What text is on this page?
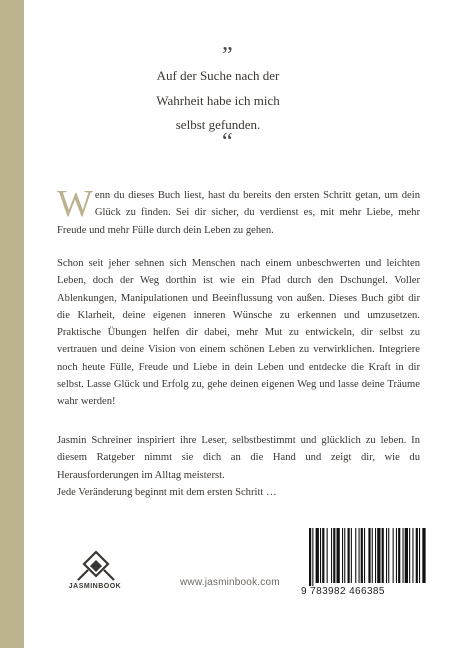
”
Auf der Suche nach der
Wahrheit habe ich mich
selbst gefunden.
“
W enn du dieses Buch liest, hast du bereits den ersten Schritt getan, um dein Glück zu finden. Sei dir sicher, du verdienst es, mit mehr Liebe, mehr Freude und mehr Fülle durch dein Leben zu gehen.
Schon seit jeher sehnen sich Menschen nach einem unbeschwerten und leichten Leben, doch der Weg dorthin ist wie ein Pfad durch den Dschungel. Voller Ablenkungen, Manipulationen und Beeinflussung von außen. Dieses Buch gibt dir die Klarheit, deine eigenen inneren Wünsche zu erkennen und umzusetzen. Praktische Übungen helfen dir dabei, mehr Mut zu entwickeln, dir selbst zu vertrauen und deine Vision von einem schönen Leben zu verwirklichen. Integriere noch heute Fülle, Freude und Liebe in dein Leben und entdecke die Kraft in dir selbst. Lasse Glück und Erfolg zu, gehe deinen eigenen Weg und lasse deine Träume wahr werden!
Jasmin Schreiner inspiriert ihre Leser, selbstbestimmt und glücklich zu leben. In diesem Ratgeber nimmt sie dich an die Hand und zeigt dir, wie du Herausforderungen im Alltag meisterst.
Jede Veränderung beginnt mit dem ersten Schritt …
JASMINBOOK	www.jasminbook.com
9 783982 466385
